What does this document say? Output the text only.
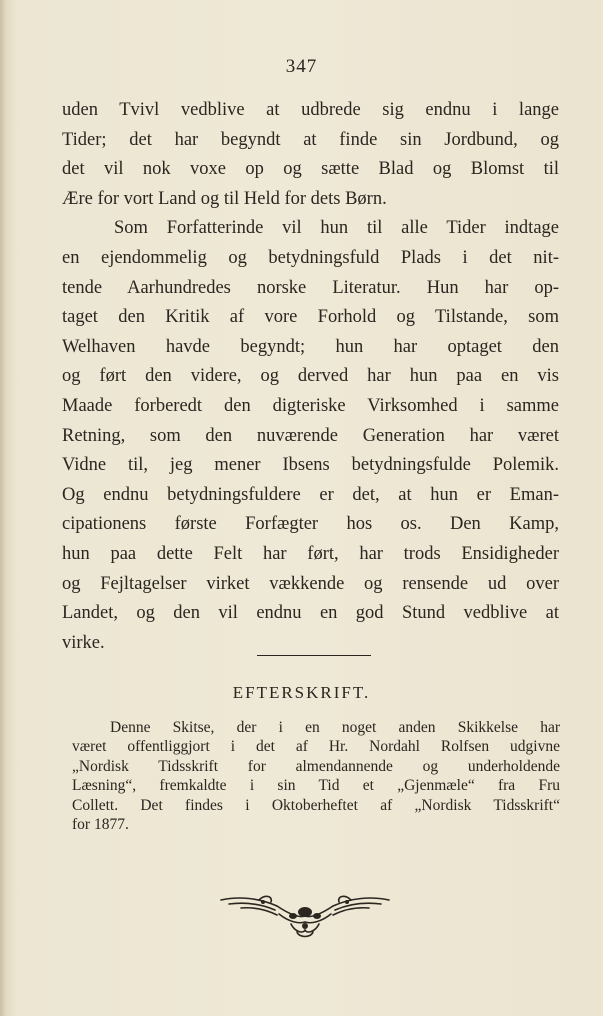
347
uden Tvivl vedblive at udbrede sig endnu i lange
Tider; det har begyndt at finde sin Jordbund, og
det vil nok voxe op og sætte Blad og Blomst til
Ære for vort Land og til Held for dets Børn.
Som Forfatterinde vil hun til alle Tider indtage
en ejendommelig og betydningsfuld Plads i det nit-
tende Aarhundredes norske Literatur. Hun har op-
taget den Kritik af vore Forhold og Tilstande, som
Welhaven havde begyndt; hun har optaget den
og ført den videre, og derved har hun paa en vis
Maade forberedt den digteriske Virksomhed i samme
Retning, som den nuværende Generation har været
Vidne til, jeg mener Ibsens betydningsfulde Polemik.
Og endnu betydningsfuldere er det, at hun er Eman-
cipationens første Forfægter hos os. Den Kamp,
hun paa dette Felt har ført, har trods Ensidigheder
og Fejltagelser virket vækkende og rensende ud over
Landet, og den vil endnu en god Stund vedblive at
virke.
EFTERSKRIFT.
Denne Skitse, der i en noget anden Skikkelse har
været offentliggjort i det af Hr. Nordahl Rolfsen udgivne
„Nordisk Tidsskrift for almendannende og underholdende
Læsning“, fremkaldte i sin Tid et „Gjenmæle“ fra Fru
Collett. Det findes i Oktoberheftet af „Nordisk Tidsskrift“
for 1877.
